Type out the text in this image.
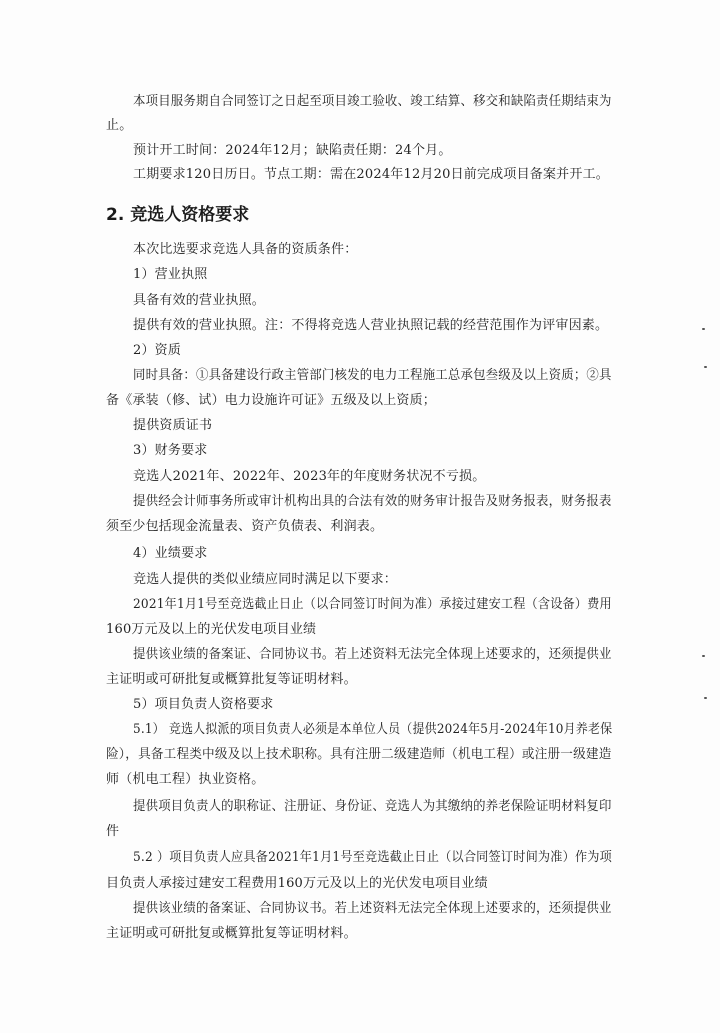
本项目服务期自合同签订之日起至项目竣工验收、竣工结算、移交和缺陷责任期结束为
止。
预计开工时间：2024年12月；缺陷责任期：24个月。
工期要求120日历日。节点工期：需在2024年12月20日前完成项目备案并开工。
2. 竞选人资格要求
本次比选要求竞选人具备的资质条件：
1）营业执照
具备有效的营业执照。
提供有效的营业执照。注：不得将竞选人营业执照记载的经营范围作为评审因素。
2）资质
同时具备：①具备建设行政主管部门核发的电力工程施工总承包叁级及以上资质；②具
备《承装（修、试）电力设施许可证》五级及以上资质；
提供资质证书
3）财务要求
竞选人2021年、2022年、2023年的年度财务状况不亏损。
提供经会计师事务所或审计机构出具的合法有效的财务审计报告及财务报表，财务报表
须至少包括现金流量表、资产负债表、利润表。
4）业绩要求
竞选人提供的类似业绩应同时满足以下要求：
2021年1月1号至竞选截止日止（以合同签订时间为准）承接过建安工程（含设备）费用
160万元及以上的光伏发电项目业绩
提供该业绩的备案证、合同协议书。若上述资料无法完全体现上述要求的，还须提供业
主证明或可研批复或概算批复等证明材料。
5）项目负责人资格要求
5.1） 竞选人拟派的项目负责人必须是本单位人员（提供2024年5月-2024年10月养老保
险），具备工程类中级及以上技术职称。具有注册二级建造师（机电工程）或注册一级建造
师（机电工程）执业资格。
提供项目负责人的职称证、注册证、身份证、竞选人为其缴纳的养老保险证明材料复印
件
5.2 ）项目负责人应具备2021年1月1号至竞选截止日止（以合同签订时间为准）作为项
目负责人承接过建安工程费用160万元及以上的光伏发电项目业绩
提供该业绩的备案证、合同协议书。若上述资料无法完全体现上述要求的，还须提供业
主证明或可研批复或概算批复等证明材料。
